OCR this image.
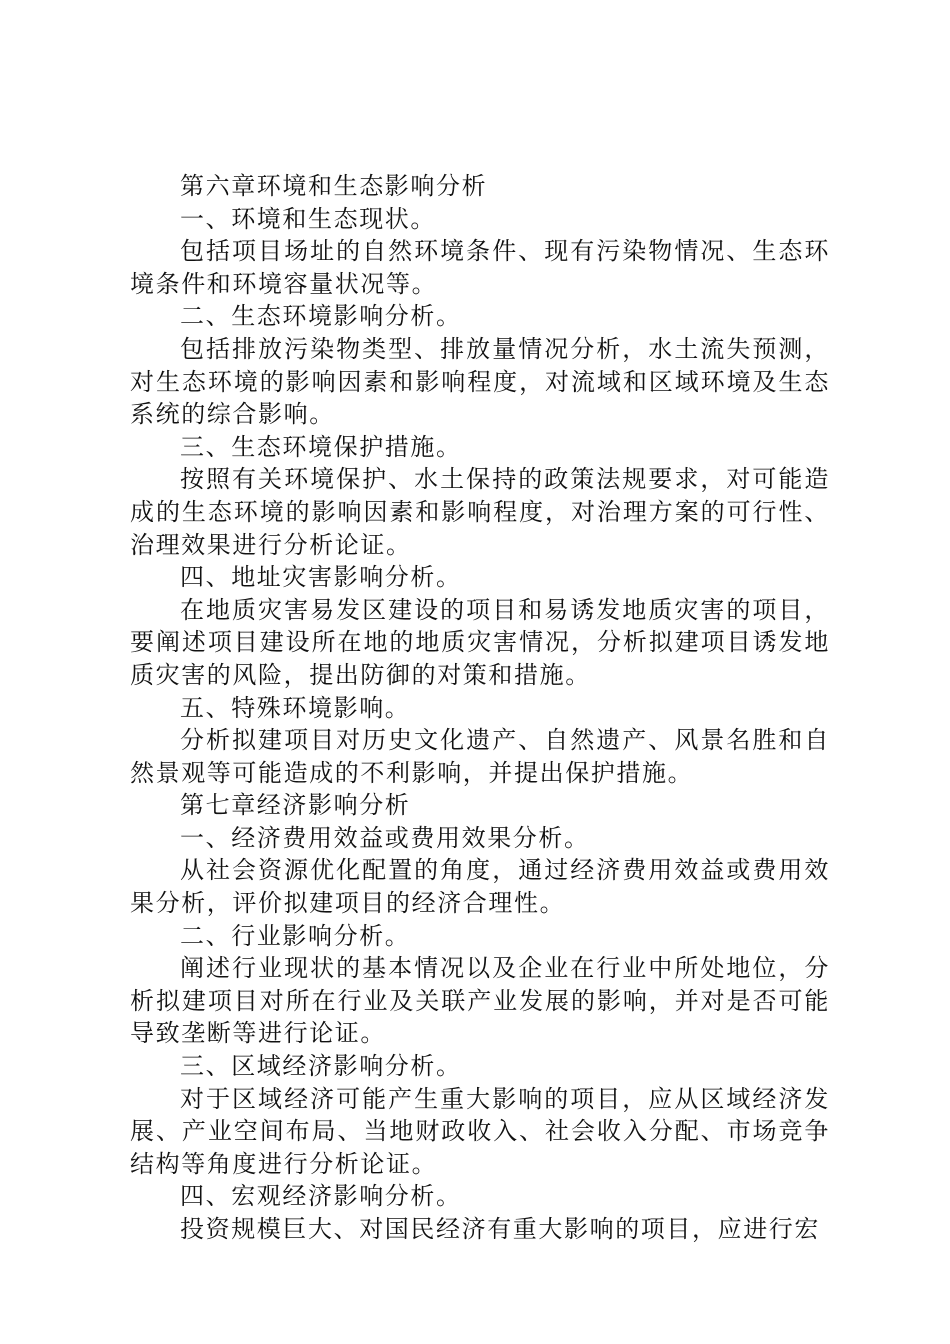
第六章环境和生态影响分析

一、环境和生态现状。

包括项目场址的自然环境条件、现有污染物情况、生态环境条件和环境容量状况等。

二、生态环境影响分析。

包括排放污染物类型、排放量情况分析，水土流失预测，对生态环境的影响因素和影响程度，对流域和区域环境及生态系统的综合影响。

三、生态环境保护措施。

按照有关环境保护、水土保持的政策法规要求，对可能造成的生态环境的影响因素和影响程度，对治理方案的可行性、治理效果进行分析论证。

四、地址灾害影响分析。

在地质灾害易发区建设的项目和易诱发地质灾害的项目，要阐述项目建设所在地的地质灾害情况，分析拟建项目诱发地质灾害的风险，提出防御的对策和措施。

五、特殊环境影响。

分析拟建项目对历史文化遗产、自然遗产、风景名胜和自然景观等可能造成的不利影响，并提出保护措施。

第七章经济影响分析

一、经济费用效益或费用效果分析。

从社会资源优化配置的角度，通过经济费用效益或费用效果分析，评价拟建项目的经济合理性。

二、行业影响分析。

阐述行业现状的基本情况以及企业在行业中所处地位，分析拟建项目对所在行业及关联产业发展的影响，并对是否可能导致垄断等进行论证。

三、区域经济影响分析。

对于区域经济可能产生重大影响的项目，应从区域经济发展、产业空间布局、当地财政收入、社会收入分配、市场竞争结构等角度进行分析论证。

四、宏观经济影响分析。

投资规模巨大、对国民经济有重大影响的项目，应进行宏
